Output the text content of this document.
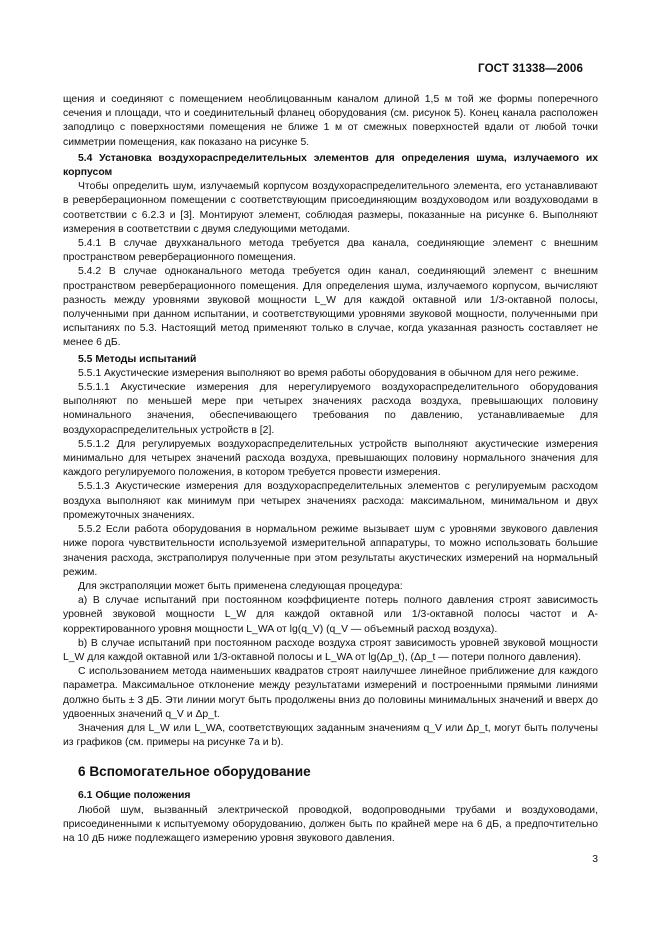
ГОСТ 31338—2006

щения и соединяют с помещением необлицованным каналом длиной 1,5 м той же формы поперечного сечения и площади, что и соединительный фланец оборудования (см. рисунок 5). Конец канала расположен заподлицо с поверхностями помещения не ближе 1 м от смежных поверхностей вдали от любой точки симметрии помещения, как показано на рисунке 5.

5.4 Установка воздухораспределительных элементов для определения шума, излучаемого их корпусом

Чтобы определить шум, излучаемый корпусом воздухораспределительного элемента, его устанавливают в реверберационном помещении с соответствующим присоединяющим воздуховодом или воздуховодами в соответствии с 6.2.3 и [3]. Монтируют элемент, соблюдая размеры, показанные на рисунке 6. Выполняют измерения в соответствии с двумя следующими методами.

5.4.1 В случае двухканального метода требуется два канала, соединяющие элемент с внешним пространством реверберационного помещения.

5.4.2 В случае одноканального метода требуется один канал, соединяющий элемент с внешним пространством реверберационного помещения. Для определения шума, излучаемого корпусом, вычисляют разность между уровнями звуковой мощности L_W для каждой октавной или 1/3-октавной полосы, полученными при данном испытании, и соответствующими уровнями звуковой мощности, полученными при испытаниях по 5.3. Настоящий метод применяют только в случае, когда указанная разность составляет не менее 6 дБ.

5.5 Методы испытаний

5.5.1 Акустические измерения выполняют во время работы оборудования в обычном для него режиме.

5.5.1.1 Акустические измерения для нерегулируемого воздухораспределительного оборудования выполняют по меньшей мере при четырех значениях расхода воздуха, превышающих половину номинального значения, обеспечивающего требования по давлению, устанавливаемые для воздухораспределительных устройств в [2].

5.5.1.2 Для регулируемых воздухораспределительных устройств выполняют акустические измерения минимально для четырех значений расхода воздуха, превышающих половину нормального значения для каждого регулируемого положения, в котором требуется провести измерения.

5.5.1.3 Акустические измерения для воздухораспределительных элементов с регулируемым расходом воздуха выполняют как минимум при четырех значениях расхода: максимальном, минимальном и двух промежуточных значениях.

5.5.2 Если работа оборудования в нормальном режиме вызывает шум с уровнями звукового давления ниже порога чувствительности используемой измерительной аппаратуры, то можно использовать большие значения расхода, экстраполируя полученные при этом результаты акустических измерений на нормальный режим.

Для экстраполяции может быть применена следующая процедура:

a) В случае испытаний при постоянном коэффициенте потерь полного давления строят зависимость уровней звуковой мощности L_W для каждой октавной или 1/3-октавной полосы частот и А-корректированного уровня мощности L_WA от lg(q_V) (q_V — объемный расход воздуха).

b) В случае испытаний при постоянном расходе воздуха строят зависимость уровней звуковой мощности L_W для каждой октавной или 1/3-октавной полосы и L_WA от lg(Δp_t), (Δp_t — потери полного давления).

С использованием метода наименьших квадратов строят наилучшее линейное приближение для каждого параметра. Максимальное отклонение между результатами измерений и построенными прямыми линиями должно быть ± 3 дБ. Эти линии могут быть продолжены вниз до половины минимальных значений и вверх до удвоенных значений q_V и Δp_t.

Значения для L_W или L_WA, соответствующих заданным значениям q_V или Δp_t, могут быть получены из графиков (см. примеры на рисунке 7а и b).

6 Вспомогательное оборудование

6.1 Общие положения

Любой шум, вызванный электрической проводкой, водопроводными трубами и воздуховодами, присоединенными к испытуемому оборудованию, должен быть по крайней мере на 6 дБ, а предпочтительно на 10 дБ ниже подлежащего измерению уровня звукового давления.

3
